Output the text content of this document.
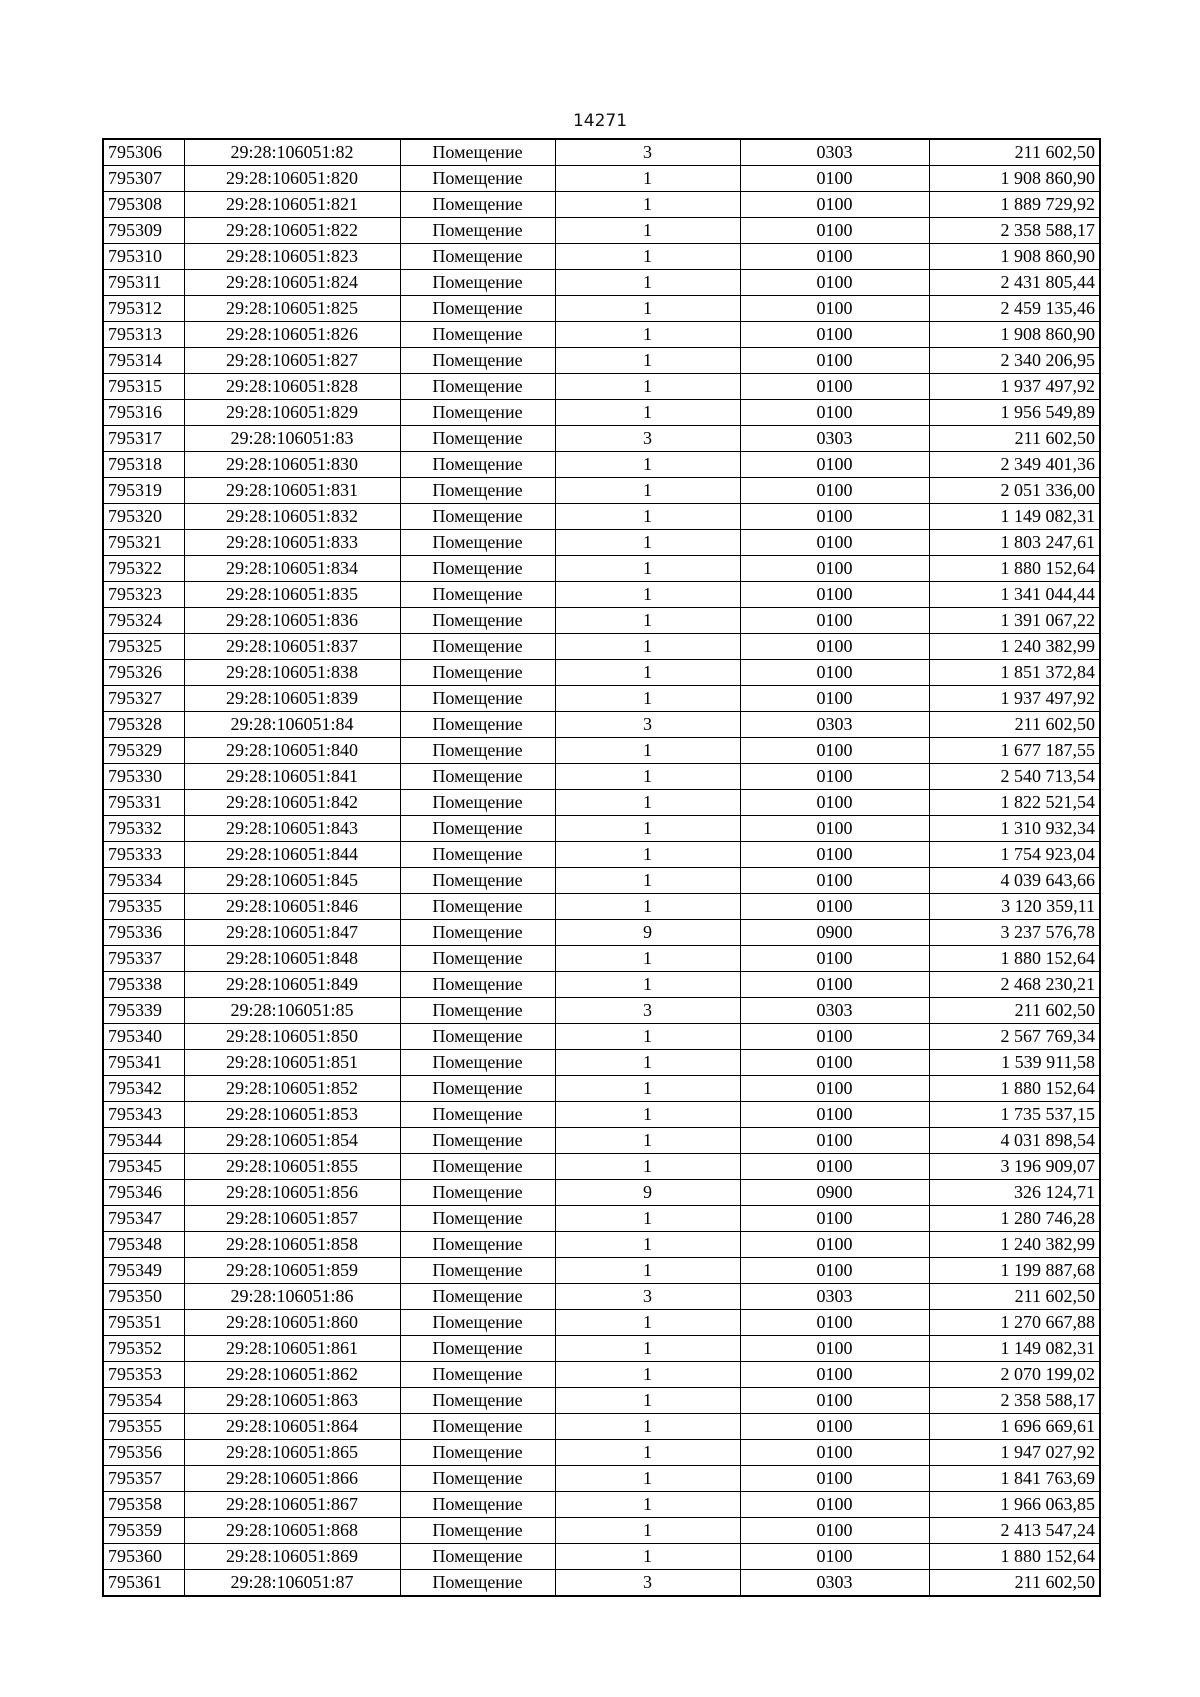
14271
795306	29:28:106051:82	Помещение	3	0303	211 602,50
795307	29:28:106051:820	Помещение	1	0100	1 908 860,90
795308	29:28:106051:821	Помещение	1	0100	1 889 729,92
795309	29:28:106051:822	Помещение	1	0100	2 358 588,17
795310	29:28:106051:823	Помещение	1	0100	1 908 860,90
795311	29:28:106051:824	Помещение	1	0100	2 431 805,44
795312	29:28:106051:825	Помещение	1	0100	2 459 135,46
795313	29:28:106051:826	Помещение	1	0100	1 908 860,90
795314	29:28:106051:827	Помещение	1	0100	2 340 206,95
795315	29:28:106051:828	Помещение	1	0100	1 937 497,92
795316	29:28:106051:829	Помещение	1	0100	1 956 549,89
795317	29:28:106051:83	Помещение	3	0303	211 602,50
795318	29:28:106051:830	Помещение	1	0100	2 349 401,36
795319	29:28:106051:831	Помещение	1	0100	2 051 336,00
795320	29:28:106051:832	Помещение	1	0100	1 149 082,31
795321	29:28:106051:833	Помещение	1	0100	1 803 247,61
795322	29:28:106051:834	Помещение	1	0100	1 880 152,64
795323	29:28:106051:835	Помещение	1	0100	1 341 044,44
795324	29:28:106051:836	Помещение	1	0100	1 391 067,22
795325	29:28:106051:837	Помещение	1	0100	1 240 382,99
795326	29:28:106051:838	Помещение	1	0100	1 851 372,84
795327	29:28:106051:839	Помещение	1	0100	1 937 497,92
795328	29:28:106051:84	Помещение	3	0303	211 602,50
795329	29:28:106051:840	Помещение	1	0100	1 677 187,55
795330	29:28:106051:841	Помещение	1	0100	2 540 713,54
795331	29:28:106051:842	Помещение	1	0100	1 822 521,54
795332	29:28:106051:843	Помещение	1	0100	1 310 932,34
795333	29:28:106051:844	Помещение	1	0100	1 754 923,04
795334	29:28:106051:845	Помещение	1	0100	4 039 643,66
795335	29:28:106051:846	Помещение	1	0100	3 120 359,11
795336	29:28:106051:847	Помещение	9	0900	3 237 576,78
795337	29:28:106051:848	Помещение	1	0100	1 880 152,64
795338	29:28:106051:849	Помещение	1	0100	2 468 230,21
795339	29:28:106051:85	Помещение	3	0303	211 602,50
795340	29:28:106051:850	Помещение	1	0100	2 567 769,34
795341	29:28:106051:851	Помещение	1	0100	1 539 911,58
795342	29:28:106051:852	Помещение	1	0100	1 880 152,64
795343	29:28:106051:853	Помещение	1	0100	1 735 537,15
795344	29:28:106051:854	Помещение	1	0100	4 031 898,54
795345	29:28:106051:855	Помещение	1	0100	3 196 909,07
795346	29:28:106051:856	Помещение	9	0900	326 124,71
795347	29:28:106051:857	Помещение	1	0100	1 280 746,28
795348	29:28:106051:858	Помещение	1	0100	1 240 382,99
795349	29:28:106051:859	Помещение	1	0100	1 199 887,68
795350	29:28:106051:86	Помещение	3	0303	211 602,50
795351	29:28:106051:860	Помещение	1	0100	1 270 667,88
795352	29:28:106051:861	Помещение	1	0100	1 149 082,31
795353	29:28:106051:862	Помещение	1	0100	2 070 199,02
795354	29:28:106051:863	Помещение	1	0100	2 358 588,17
795355	29:28:106051:864	Помещение	1	0100	1 696 669,61
795356	29:28:106051:865	Помещение	1	0100	1 947 027,92
795357	29:28:106051:866	Помещение	1	0100	1 841 763,69
795358	29:28:106051:867	Помещение	1	0100	1 966 063,85
795359	29:28:106051:868	Помещение	1	0100	2 413 547,24
795360	29:28:106051:869	Помещение	1	0100	1 880 152,64
795361	29:28:106051:87	Помещение	3	0303	211 602,50
